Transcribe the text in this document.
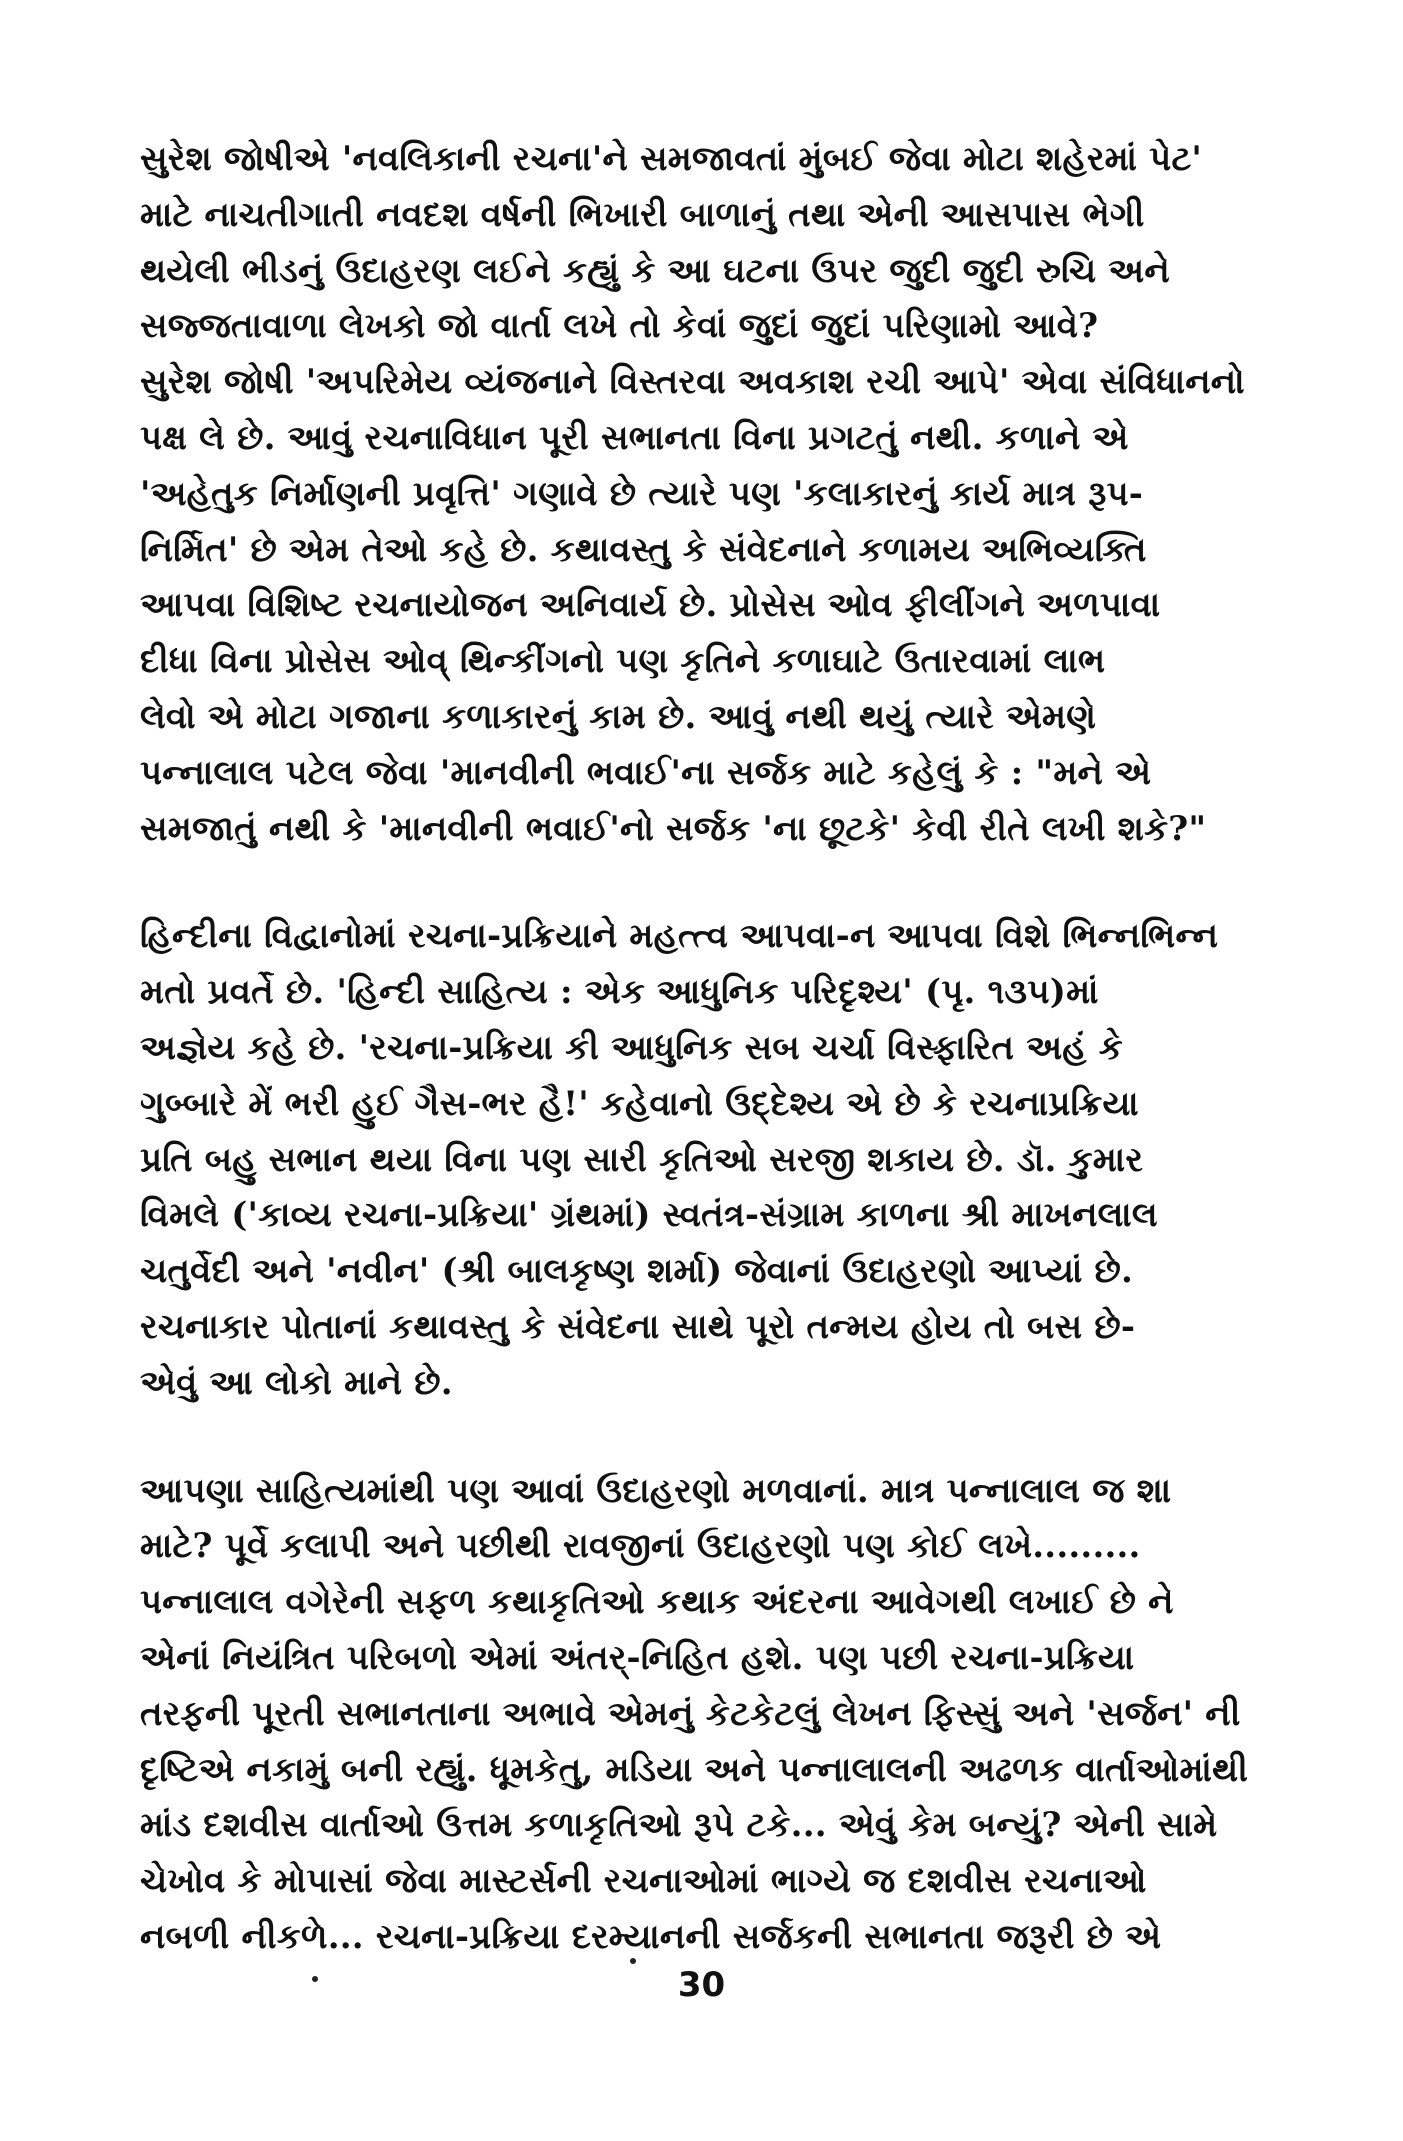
સુરેશ જોષીએ 'નવલિકાની રચના'ને સમજાવતાં મુંબઈ જેવા મોટા શહેરમાં પેટ'
માટે નાચતીગાતી નવદશ વર્ષની ભિખારી બાળાનું તથા એની આસપાસ ભેગી
થયેલી ભીડનું ઉદાહરણ લઈને કહ્યું કે આ ઘટના ઉપર જુદી જુદી રુચિ અને
સજ્જતાવાળા લેખકો જો વાર્તા લખે તો કેવાં જુદાં જુદાં પરિણામો આવે?
સુરેશ જોષી 'અપરિમેય વ્યંજનાને વિસ્તરવા અવકાશ રચી આપે' એવા સંવિધાનનો
પક્ષ લે છે. આવું રચનાવિધાન પૂરી સભાનતા વિના પ્રગટતું નથી. કળાને એ
'અહેતુક નિર્માણની પ્રવૃત્તિ' ગણાવે છે ત્યારે પણ 'કલાકારનું કાર્ય માત્ર રૂપ-
નિર્મિત' છે એમ તેઓ કહે છે. કથાવસ્તુ કે સંવેદનાને કળામય અભિવ્યક્તિ
આપવા વિશિષ્ટ રચનાયોજન અનિવાર્ય છે. પ્રોસેસ ઓવ ફીલીંગને અળપાવા
દીધા વિના પ્રોસેસ ઓવ્ થિન્કીંગનો પણ કૃતિને કળાઘાટે ઉતારવામાં લાભ
લેવો એ મોટા ગજાના કળાકારનું કામ છે. આવું નથી થયું ત્યારે એમણે
પન્નાલાલ પટેલ જેવા 'માનવીની ભવાઈ'ના સર્જક માટે કહેલું કે : "મને એ
સમજાતું નથી કે 'માનવીની ભવાઈ'નો સર્જક 'ના છૂટકે' કેવી રીતે લખી શકે?"

હિન્દીના વિદ્વાનોમાં રચના-પ્રક્રિયાને મહત્ત્વ આપવા-ન આપવા વિશે ભિન્નભિન્ન
મતો પ્રવર્તે છે. 'હિન્દી સાહિત્ય : એક આધુનિક પરિદૃશ્ય' (પૃ. ૧૩૫)માં
અજ્ઞેય કહે છે. 'રચના-પ્રક્રિયા કી આધુનિક સબ ચર્ચા વિસ્ફારિત અહં કે
ગુબ્બારે મેં ભરી હુઈ ગૈસ-ભર હૈ!' કહેવાનો ઉદ્દેશ્ય એ છે કે રચનાપ્રક્રિયા
પ્રતિ બહુ સભાન થયા વિના પણ સારી કૃતિઓ સરજી શકાય છે. ડૉ. કુમાર
વિમલે ('કાવ્ય રચના-પ્રક્રિયા' ગ્રંથમાં) સ્વતંત્ર-સંગ્રામ કાળના શ્રી માખનલાલ
ચતુર્વેદી અને 'નવીન' (શ્રી બાલકૃષ્ણ શર્મા) જેવાનાં ઉદાહરણો આપ્યાં છે.
રચનાકાર પોતાનાં કથાવસ્તુ કે સંવેદના સાથે પૂરો તન્મય હોય તો બસ છે-
એવું આ લોકો માને છે.

આપણા સાહિત્યમાંથી પણ આવાં ઉદાહરણો મળવાનાં. માત્ર પન્નાલાલ જ શા
માટે? પૂર્વે કલાપી અને પછીથી રાવજીનાં ઉદાહરણો પણ કોઈ લખે.........
પન્નાલાલ વગેરેની સફળ કથાકૃતિઓ કથાક અંદરના આવેગથી લખાઈ છે ને
એનાં નિયંત્રિત પરિબળો એમાં અંતર્-નિહિત હશે. પણ પછી રચના-પ્રક્રિયા
તરફની પૂરતી સભાનતાના અભાવે એમનું કેટકેટલું લેખન ફિસ્સું અને 'સર્જન' ની
દૃષ્ટિએ નકામું બની રહ્યું. ધૂમકેતુ, મડિયા અને પન્નાલાલની અઢળક વાર્તાઓમાંથી
માંડ દશવીસ વાર્તાઓ ઉત્તમ કળાકૃતિઓ રૂપે ટકે... એવું કેમ બન્યું? એની સામે
ચેખોવ કે મોપાસાં જેવા માસ્ટર્સની રચનાઓમાં ભાગ્યે જ દશવીસ રચનાઓ
નબળી નીકળે... રચના-પ્રક્રિયા દરમ્યાનની સર્જકની સભાનતા જરૂરી છે એ

30
